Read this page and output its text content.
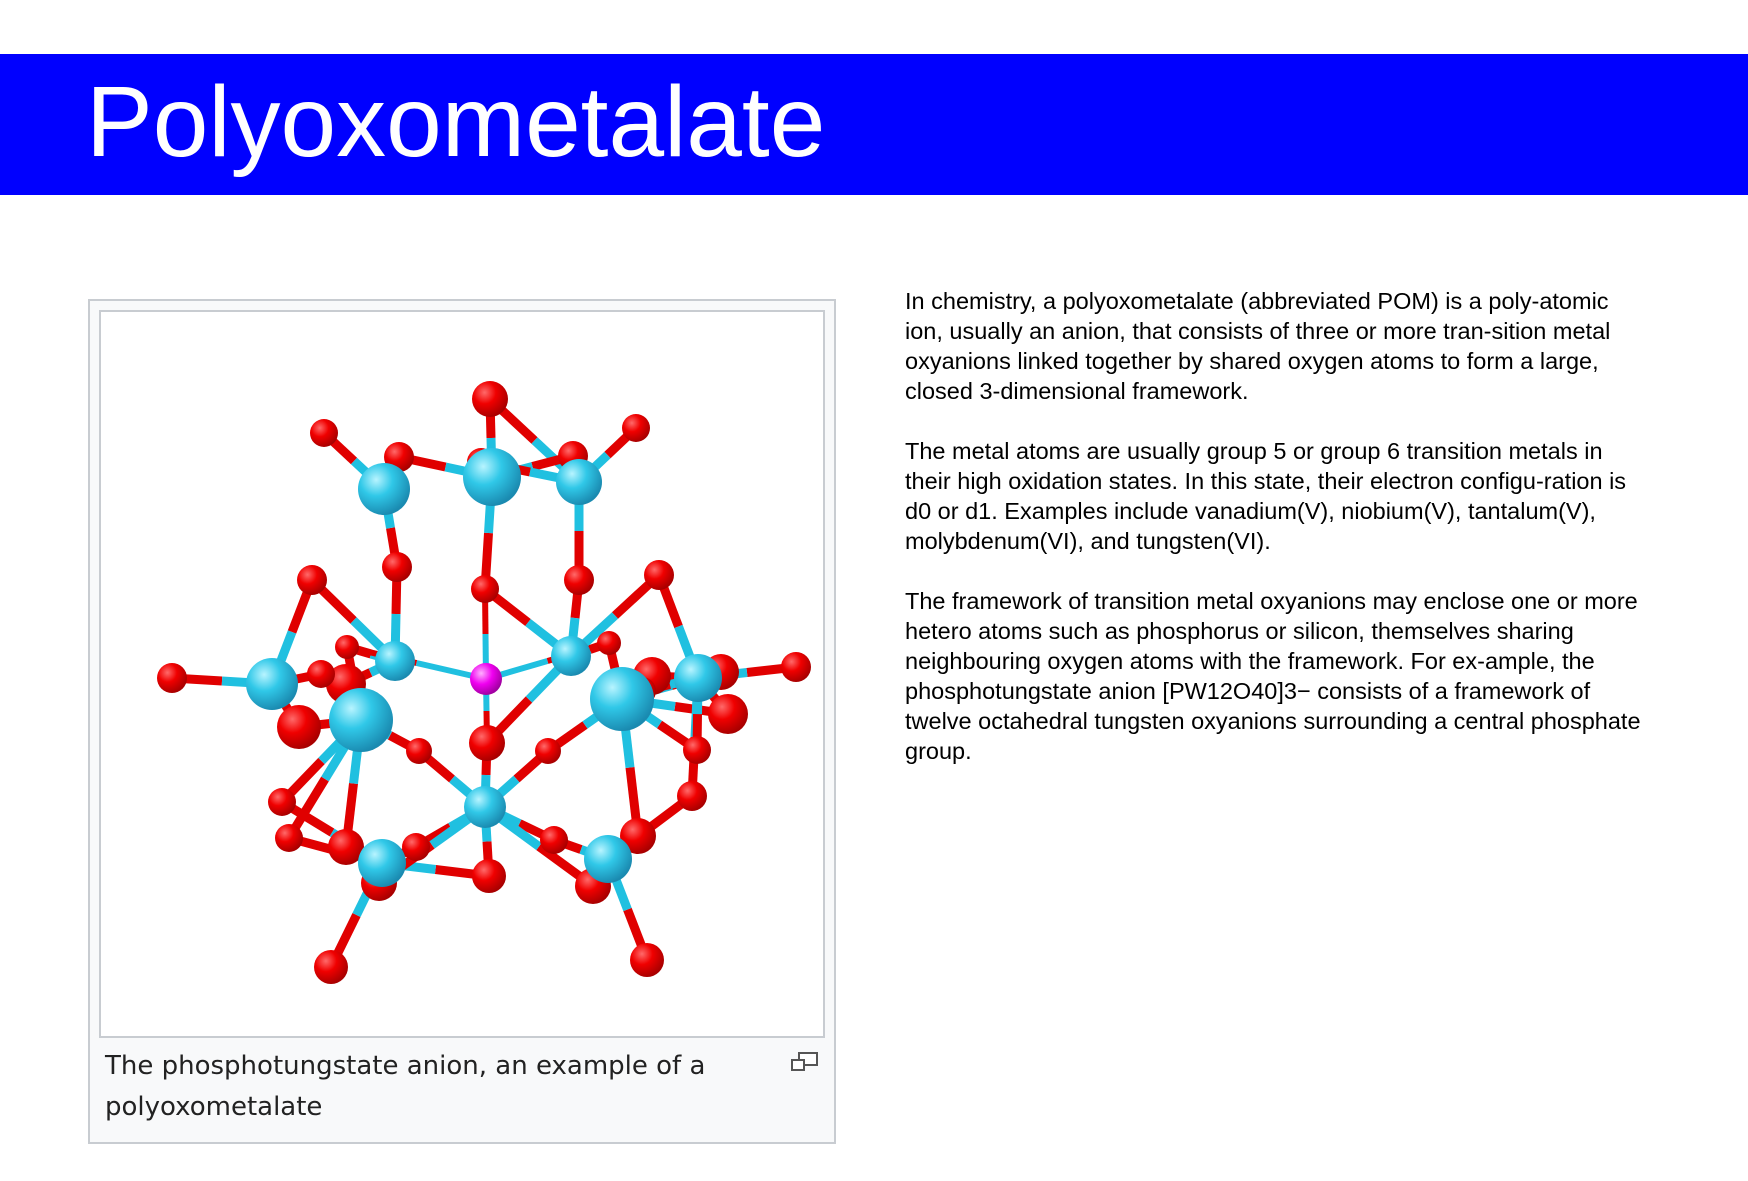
Polyoxometalate
The phosphotungstate anion, an example of a polyoxometalate

In chemistry, a polyoxometalate (abbreviated POM) is a poly-atomic ion, usually an anion, that consists of three or more tran-sition metal oxyanions linked together by shared oxygen atoms to form a large, closed 3-dimensional framework.

The metal atoms are usually group 5 or group 6 transition metals in their high oxidation states. In this state, their electron configu-ration is d0 or d1. Examples include vanadium(V), niobium(V), tantalum(V), molybdenum(VI), and tungsten(VI).

The framework of transition metal oxyanions may enclose one or more hetero atoms such as phosphorus or silicon, themselves sharing neighbouring oxygen atoms with the framework. For ex-ample, the phosphotungstate anion [PW12O40]3− consists of a framework of twelve octahedral tungsten oxyanions surrounding a central phosphate group.
